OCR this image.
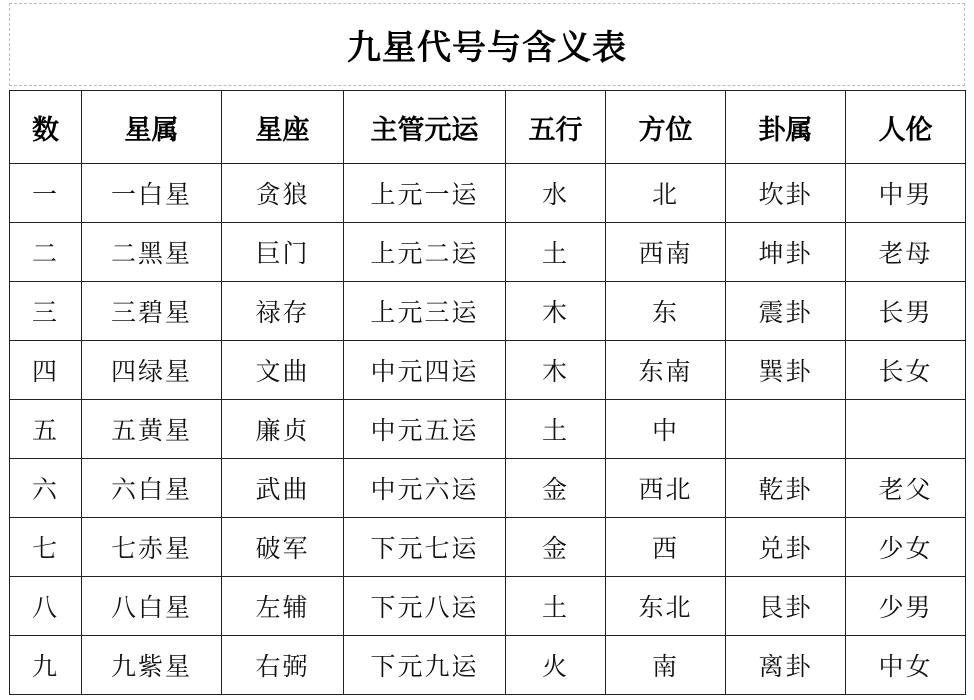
九星代号与含义表
数	星属	星座	主管元运	五行	方位	卦属	人伦
一	一白星	贪狼	上元一运	水	北	坎卦	中男
二	二黑星	巨门	上元二运	土	西南	坤卦	老母
三	三碧星	禄存	上元三运	木	东	震卦	长男
四	四绿星	文曲	中元四运	木	东南	巽卦	长女
五	五黄星	廉贞	中元五运	土	中		
六	六白星	武曲	中元六运	金	西北	乾卦	老父
七	七赤星	破军	下元七运	金	西	兑卦	少女
八	八白星	左辅	下元八运	土	东北	艮卦	少男
九	九紫星	右弼	下元九运	火	南	离卦	中女
